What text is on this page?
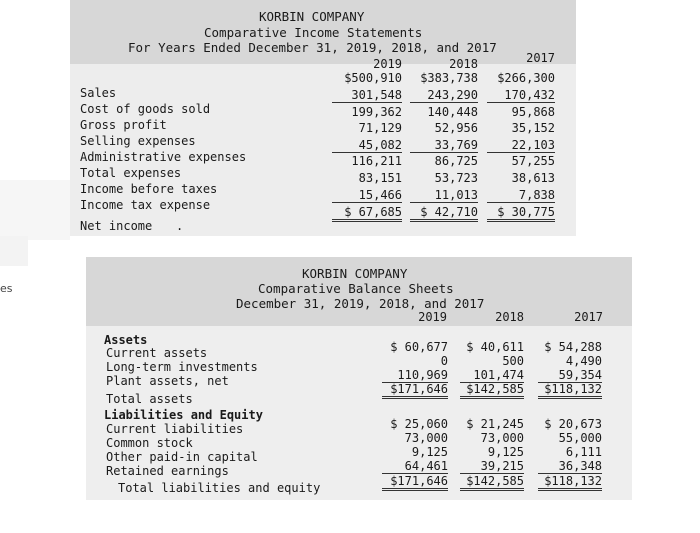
es
KORBIN COMPANY
Comparative Income Statements
For Years Ended December 31, 2019, 2018, and 2017
2019	2018	2017
Sales
$500,910	$383,738	$266,300
Cost of goods sold
301,548	243,290	170,432
Gross profit
199,362	140,448	95,868
Selling expenses
71,129	52,956	35,152
Administrative expenses
45,082	33,769	22,103
Total expenses
116,211	86,725	57,255
Income before taxes
83,151	53,723	38,613
Income tax expense
15,466	11,013	7,838
Net income
$ 67,685	$ 42,710	$ 30,775
.
KORBIN COMPANY
Comparative Balance Sheets
December 31, 2019, 2018, and 2017
2019	2018	2017
Assets
Liabilities and Equity
Current assets	$ 60,677	$ 40,611	$ 54,288
Long-term investments	0	500	4,490
Plant assets, net	110,969	101,474	59,354
Total assets
$171,646	$142,585	$118,132
Current liabilities	$ 25,060	$ 21,245	$ 20,673
Common stock	73,000	73,000	55,000
Other paid-in capital	9,125	9,125	6,111
Retained earnings	64,461	39,215	36,348
Total liabilities and equity	$171,646	$142,585	$118,132
